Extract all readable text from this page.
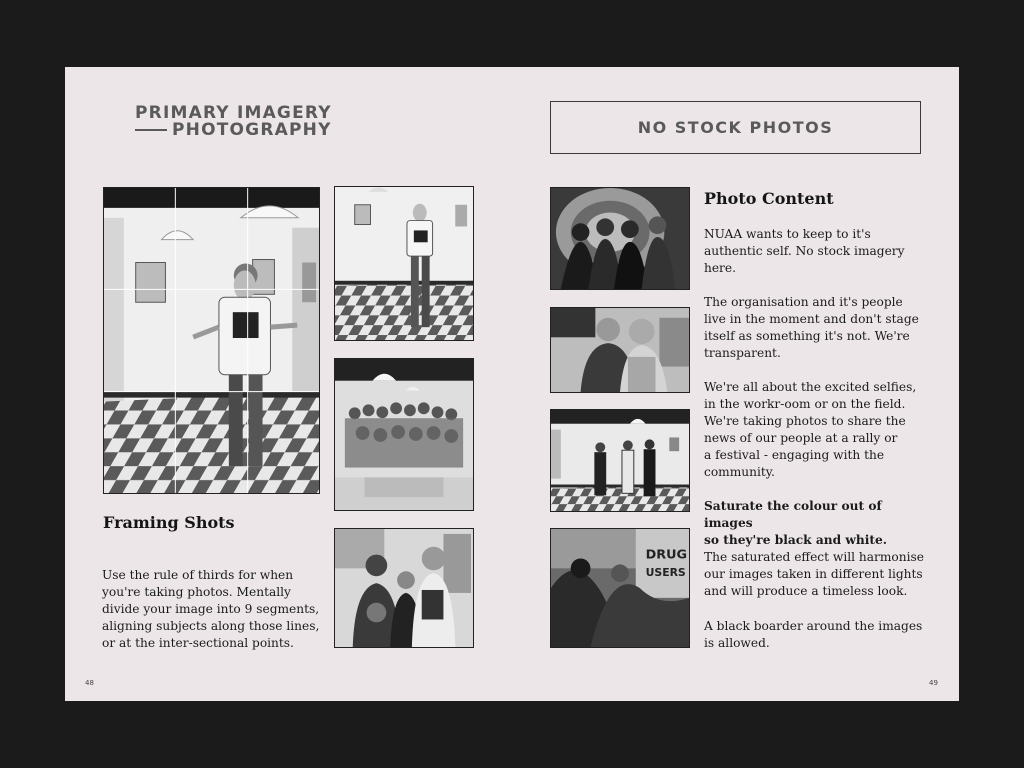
PRIMARY IMAGERY
PHOTOGRAPHY
Framing Shots

Use the rule of thirds for when
you're taking photos. Mentally
divide your image into 9 segments,
aligning subjects along those lines,
or at the inter-sectional points.

48
NO STOCK PHOTOS
DRUG
USERS
Photo Content

NUAA wants to keep to it's
authentic self. No stock imagery
here.

The organisation and it's people
live in the moment and don't stage
itself as something it's not. We're
transparent.

We're all about the excited selfies,
in the workr-oom or on the field.
We're taking photos to share the
news of our people at a rally or
a festival - engaging with the
community.

Saturate the colour out of images
so they're black and white.

The saturated effect will harmonise
our images taken in different lights
and will produce a timeless look.

A black boarder around the images
is allowed.

49
